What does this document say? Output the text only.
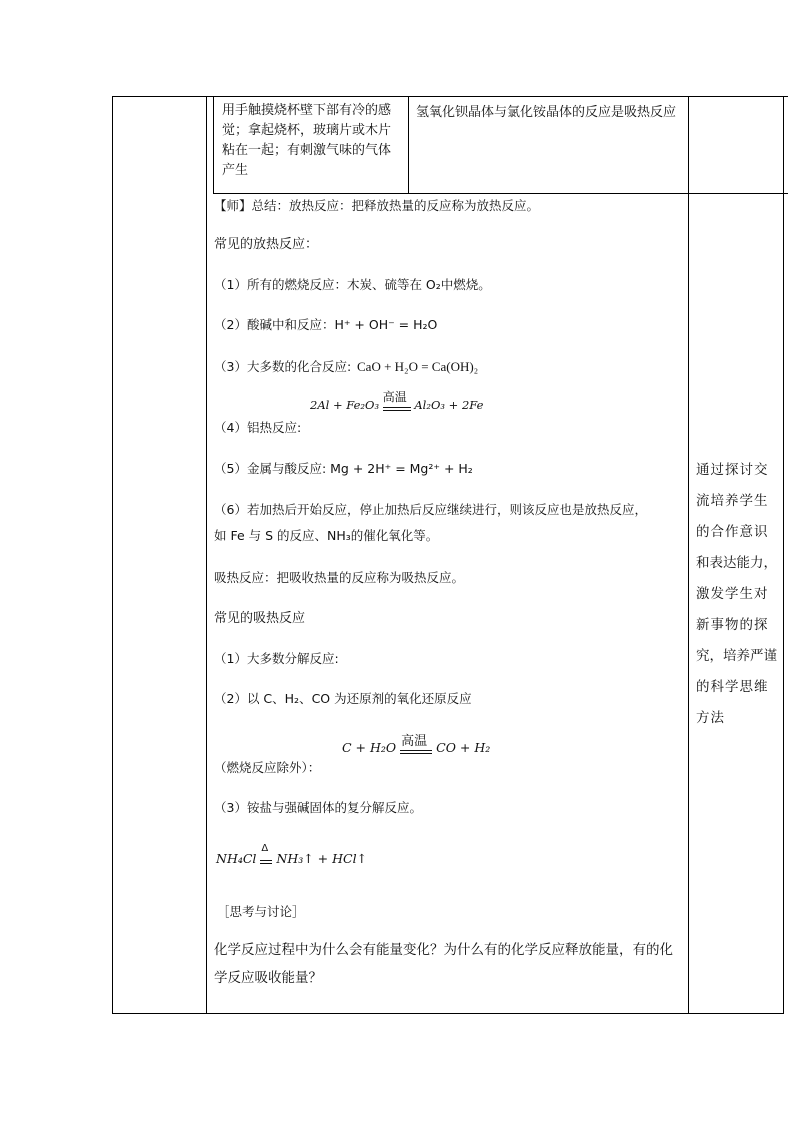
用手触摸烧杯壁下部有冷的感觉；拿起烧杯，玻璃片或木片粘在一起；有刺激气味的气体产生
氢氧化钡晶体与氯化铵晶体的反应是吸热反应
【师】总结：放热反应：把释放热量的反应称为放热反应。
常见的放热反应：
（1）所有的燃烧反应：木炭、硫等在 O₂中燃烧。
（2）酸碱中和反应：H⁺ + OH⁻ = H₂O
（3）大多数的化合反应: CaO + H₂O = Ca(OH)₂
2Al + Fe₂O₃
高温
Al₂O₃ + 2Fe
（4）铝热反应:
（5）金属与酸反应: Mg + 2H⁺ = Mg²⁺ + H₂
（6）若加热后开始反应，停止加热后反应继续进行，则该反应也是放热反应，
如 Fe 与 S 的反应、NH₃的催化氧化等。
吸热反应：把吸收热量的反应称为吸热反应。
常见的吸热反应
（1）大多数分解反应:
（2）以 C、H₂、CO 为还原剂的氧化还原反应
C + H₂O 高温 CO + H₂
（燃烧反应除外）：
（3）铵盐与强碱固体的复分解反应。
NH₄Cl
Δ
NH₃↑ + HCl↑
［思考与讨论］
化学反应过程中为什么会有能量变化？为什么有的化学反应释放能量，有的化
学反应吸收能量？
通过探讨交
流培养学生
的合作意识
和表达能力，
激发学生对
新事物的探
究，培养严谨
的科学思维
方法
